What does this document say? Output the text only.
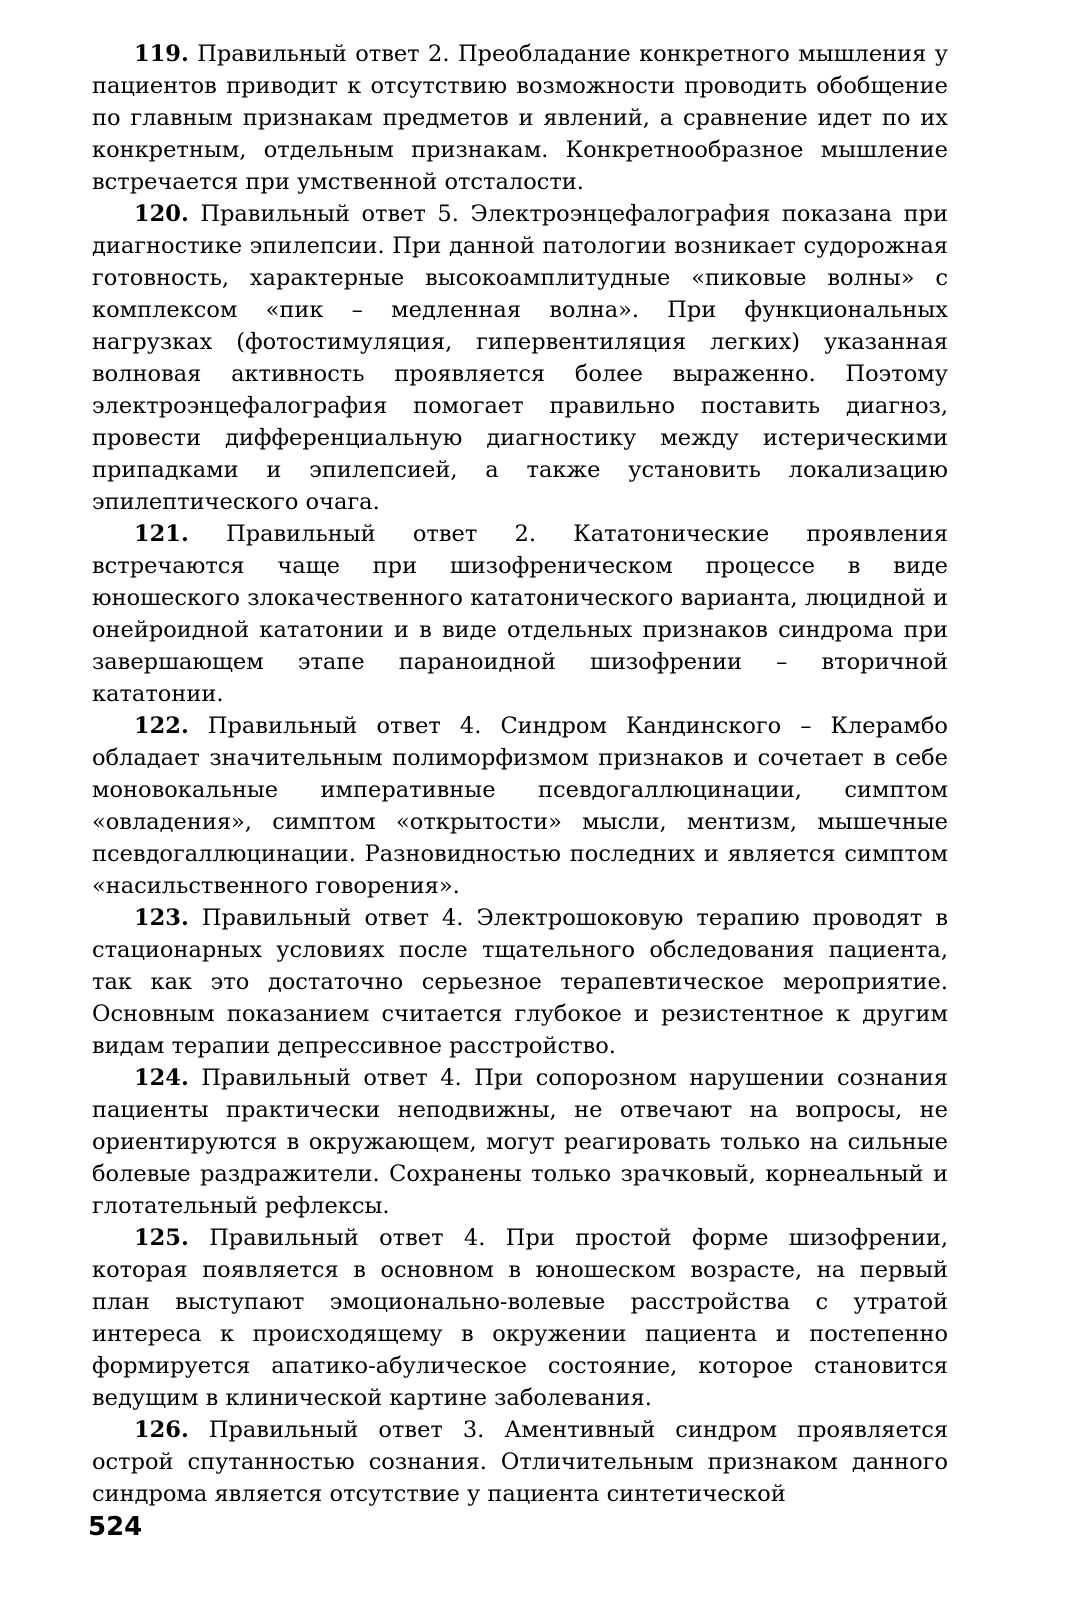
119. Правильный ответ 2. Преобладание конкретного мышления у пациентов приводит к отсутствию возможности проводить обобщение по главным признакам предметов и явлений, а сравнение идет по их конкретным, отдельным признакам. Конкретнообразное мышление встречается при умственной отсталости.

120. Правильный ответ 5. Электроэнцефалография показана при диагностике эпилепсии. При данной патологии возникает судорожная готовность, характерные высокоамплитудные «пиковые волны» с комплексом «пик – медленная волна». При функциональных нагрузках (фотостимуляция, гипервентиляция легких) указанная волновая активность проявляется более выраженно. Поэтому электроэнцефалография помогает правильно поставить диагноз, провести дифференциальную диагностику между истерическими припадками и эпилепсией, а также установить локализацию эпилептического очага.

121. Правильный ответ 2. Кататонические проявления встречаются чаще при шизофреническом процессе в виде юношеского злокачественного кататонического варианта, люцидной и онейроидной кататонии и в виде отдельных признаков синдрома при завершающем этапе параноидной шизофрении – вторичной кататонии.

122. Правильный ответ 4. Синдром Кандинского – Клерамбо обладает значительным полиморфизмом признаков и сочетает в себе моновокальные императивные псевдогаллюцинации, симптом «овладения», симптом «открытости» мысли, ментизм, мышечные псевдогаллюцинации. Разновидностью последних и является симптом «насильственного говорения».

123. Правильный ответ 4. Электрошоковую терапию проводят в стационарных условиях после тщательного обследования пациента, так как это достаточно серьезное терапевтическое мероприятие. Основным показанием считается глубокое и резистентное к другим видам терапии депрессивное расстройство.

124. Правильный ответ 4. При сопорозном нарушении сознания пациенты практически неподвижны, не отвечают на вопросы, не ориентируются в окружающем, могут реагировать только на сильные болевые раздражители. Сохранены только зрачковый, корнеальный и глотательный рефлексы.

125. Правильный ответ 4. При простой форме шизофрении, которая появляется в основном в юношеском возрасте, на первый план выступают эмоционально-волевые расстройства с утратой интереса к происходящему в окружении пациента и постепенно формируется апатико-абулическое состояние, которое становится ведущим в клинической картине заболевания.

126. Правильный ответ 3. Аментивный синдром проявляется острой спутанностью сознания. Отличительным признаком данного синдрома является отсутствие у пациента синтетической

524
